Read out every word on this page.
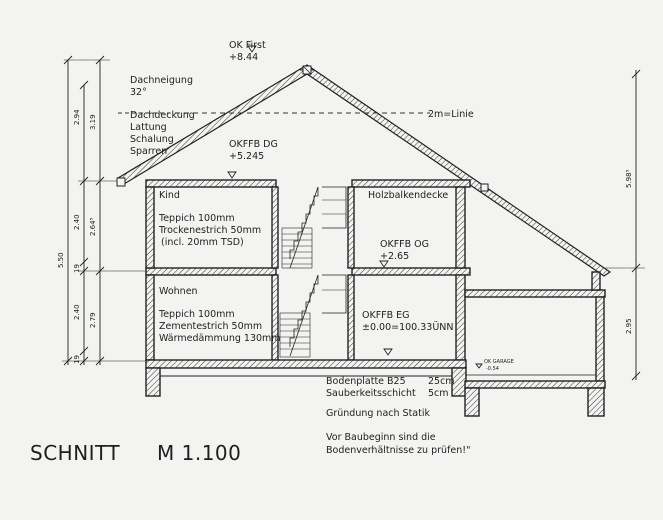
5.50
2.94
2.40
19
2.40
19
3.19
2.64⁵
2.79
5.98⁵
2.95
OK First
+8.44
Dachneigung
32°
Dachdeckung
Lattung
Schalung
Sparren
2m=Linie
OKFFB DG
+5.245
Kind	Holzbalkendecke
Teppich 100mm
Trockenestrich 50mm
(incl. 20mm TSD)	OKFFB OG
+2.65
Wohnen
Teppich 100mm
Zementestrich 50mm
Wärmedämmung 130mm
OKFFB EG
±0.00=100.33ÜNN
OK GARAGE
-0.54
Bodenplatte B25 25cm
Sauberkeitsschicht 5cm
Gründung nach Statik
Vor Baubeginn sind die
Bodenverhältnisse zu prüfen!"
SCHNITT M 1.100
